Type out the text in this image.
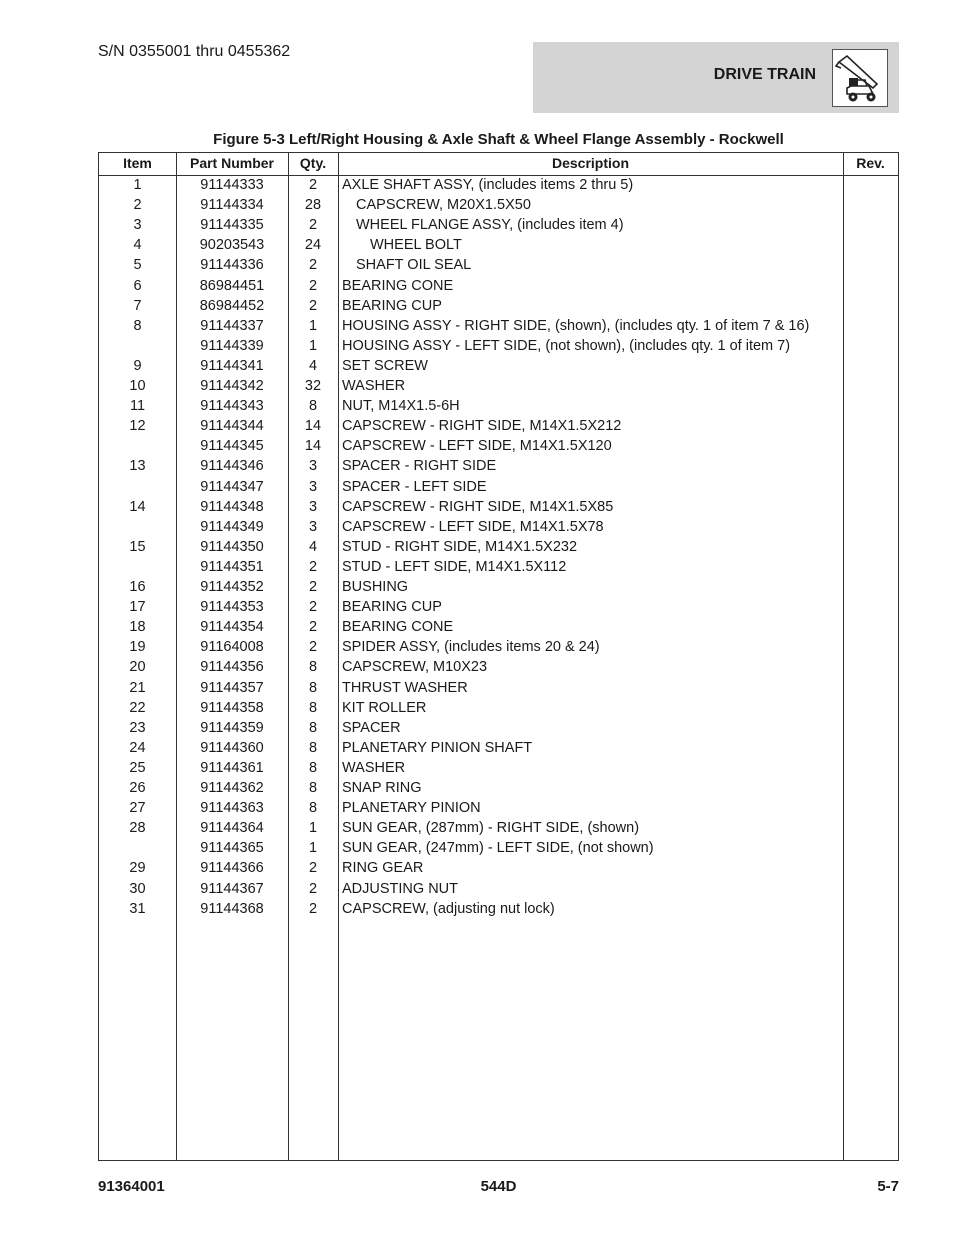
S/N 0355001 thru 0455362
DRIVE TRAIN
Figure 5-3 Left/Right Housing & Axle Shaft & Wheel Flange Assembly - Rockwell
Item	Part Number	Qty.	Description	Rev.
1	91144333	2	AXLE SHAFT ASSY, (includes items 2 thru 5)
2	91144334	28	CAPSCREW, M20X1.5X50
3	91144335	2	WHEEL FLANGE ASSY, (includes item 4)
4	90203543	24	WHEEL BOLT
5	91144336	2	SHAFT OIL SEAL
6	86984451	2	BEARING CONE
7	86984452	2	BEARING CUP
8	91144337	1	HOUSING ASSY - RIGHT SIDE, (shown), (includes qty. 1 of item 7 & 16)
91144339	1	HOUSING ASSY - LEFT SIDE, (not shown), (includes qty. 1 of item 7)
9	91144341	4	SET SCREW
10	91144342	32	WASHER
11	91144343	8	NUT, M14X1.5-6H
12	91144344	14	CAPSCREW - RIGHT SIDE, M14X1.5X212
91144345	14	CAPSCREW - LEFT SIDE, M14X1.5X120
13	91144346	3	SPACER - RIGHT SIDE
91144347	3	SPACER - LEFT SIDE
14	91144348	3	CAPSCREW - RIGHT SIDE, M14X1.5X85
91144349	3	CAPSCREW - LEFT SIDE, M14X1.5X78
15	91144350	4	STUD - RIGHT SIDE, M14X1.5X232
91144351	2	STUD - LEFT SIDE, M14X1.5X112
16	91144352	2	BUSHING
17	91144353	2	BEARING CUP
18	91144354	2	BEARING CONE
19	91164008	2	SPIDER ASSY, (includes items 20 & 24)
20	91144356	8	CAPSCREW, M10X23
21	91144357	8	THRUST WASHER
22	91144358	8	KIT ROLLER
23	91144359	8	SPACER
24	91144360	8	PLANETARY PINION SHAFT
25	91144361	8	WASHER
26	91144362	8	SNAP RING
27	91144363	8	PLANETARY PINION
28	91144364	1	SUN GEAR, (287mm) - RIGHT SIDE, (shown)
91144365	1	SUN GEAR, (247mm) - LEFT SIDE, (not shown)
29	91144366	2	RING GEAR
30	91144367	2	ADJUSTING NUT
31	91144368	2	CAPSCREW, (adjusting nut lock)
91364001	544D	5-7
